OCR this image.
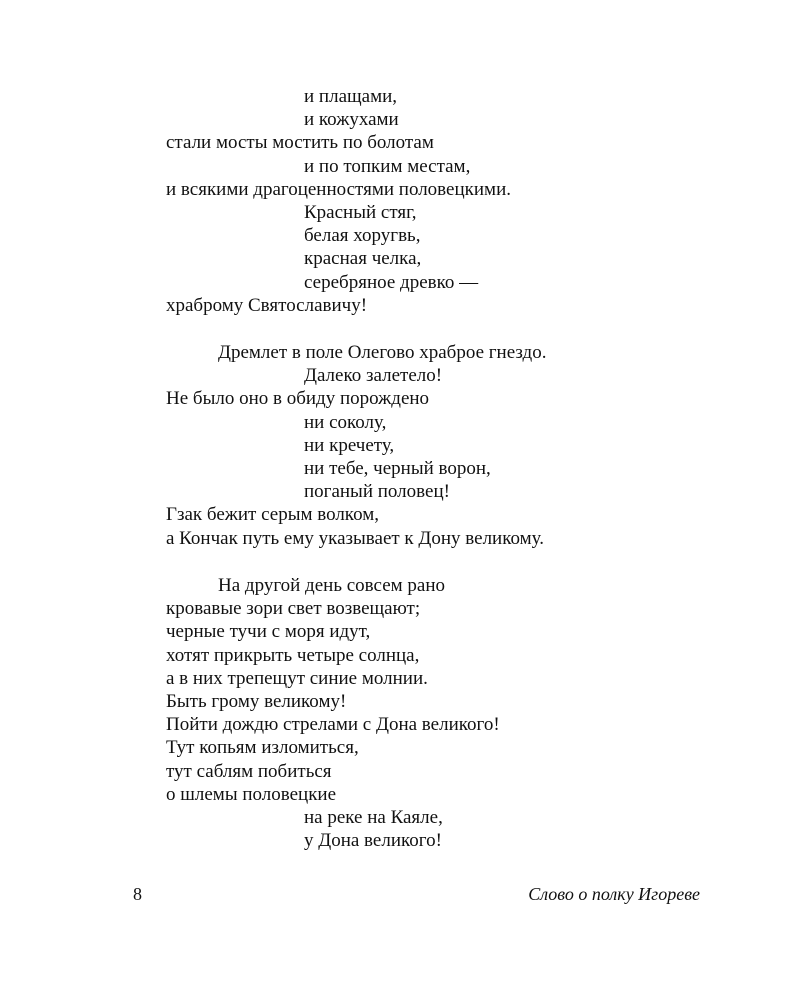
и плащами,
и кожухами
стали мосты мостить по болотам
и по топким местам,
и всякими драгоценностями половецкими.
Красный стяг,
белая хоругвь,
красная челка,
серебряное древко —
храброму Святославичу!
Дремлет в поле Олегово храброе гнездо.
Далеко залетело!
Не было оно в обиду порождено
ни соколу,
ни кречету,
ни тебе, черный ворон,
поганый половец!
Гзак бежит серым волком,
а Кончак путь ему указывает к Дону великому.
На другой день совсем рано
кровавые зори свет возвещают;
черные тучи с моря идут,
хотят прикрыть четыре солнца,
а в них трепещут синие молнии.
Быть грому великому!
Пойти дождю стрелами с Дона великого!
Тут копьям изломиться,
тут саблям побиться
о шлемы половецкие
на реке на Каяле,
у Дона великого!
8	Слово о полку Игореве
